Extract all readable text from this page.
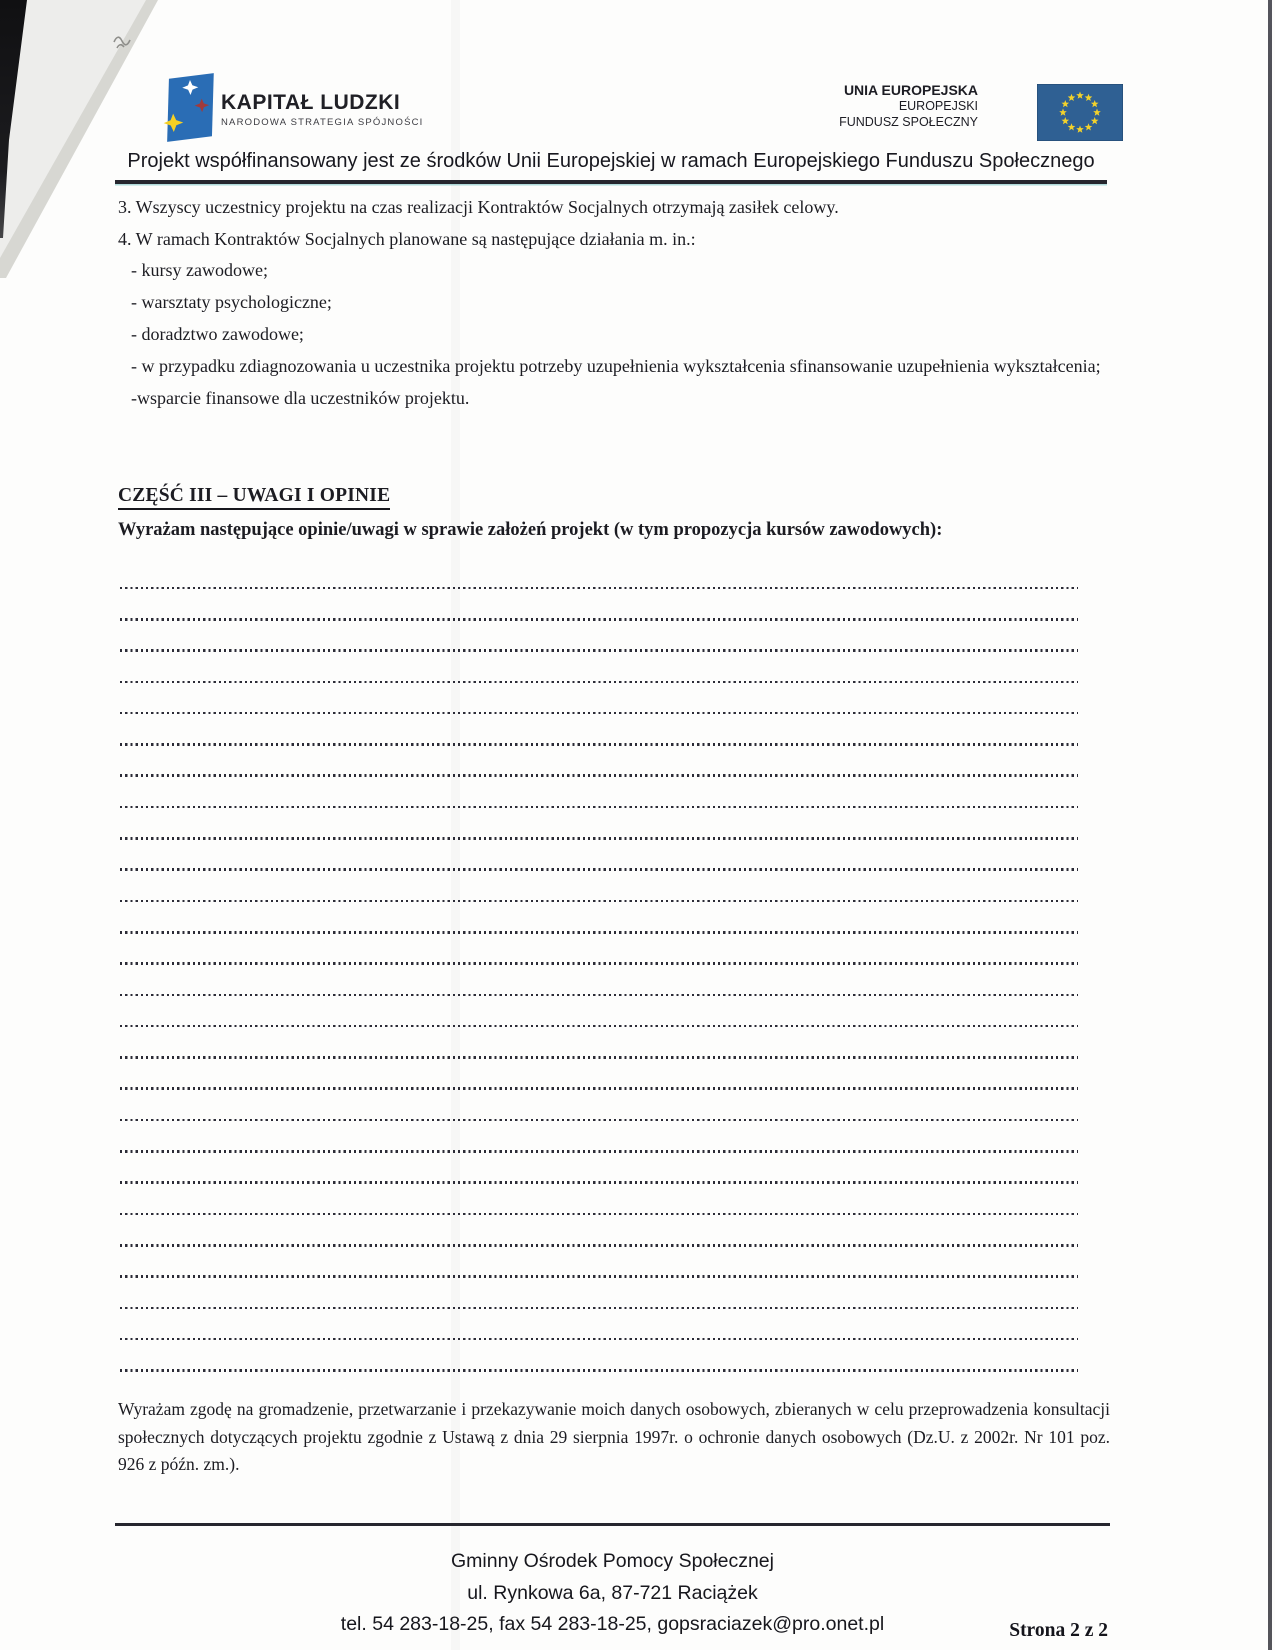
KAPITAŁ LUDZKI
NARODOWA STRATEGIA SPÓJNOŚCI
UNIA EUROPEJSKA
EUROPEJSKI
FUNDUSZ SPOŁECZNY
Projekt współfinansowany jest ze środków Unii Europejskiej w ramach Europejskiego Funduszu Społecznego
3. Wszyscy uczestnicy projektu na czas realizacji Kontraktów Socjalnych otrzymają zasiłek celowy.
4. W ramach Kontraktów Socjalnych planowane są następujące działania m. in.:

- kursy zawodowe;

- warsztaty psychologiczne;

- doradztwo zawodowe;

- w przypadku zdiagnozowania u uczestnika projektu potrzeby uzupełnienia wykształcenia sfinansowanie uzupełnienia wykształcenia;

-wsparcie finansowe dla uczestników projektu.

CZĘŚĆ III – UWAGI I OPINIE
Wyrażam następujące opinie/uwagi w sprawie założeń projekt (w tym propozycja kursów zawodowych):
Wyrażam zgodę na gromadzenie, przetwarzanie i przekazywanie moich danych osobowych, zbieranych w celu przeprowadzenia konsultacji społecznych dotyczących projektu zgodnie z Ustawą z dnia 29 sierpnia 1997r. o ochronie danych osobowych (Dz.U. z 2002r. Nr 101 poz. 926 z późn. zm.).
Gminny Ośrodek Pomocy Społecznej
ul. Rynkowa 6a, 87-721 Raciążek
tel. 54 283-18-25, fax 54 283-18-25, gopsraciazek@pro.onet.pl	Strona 2 z 2
